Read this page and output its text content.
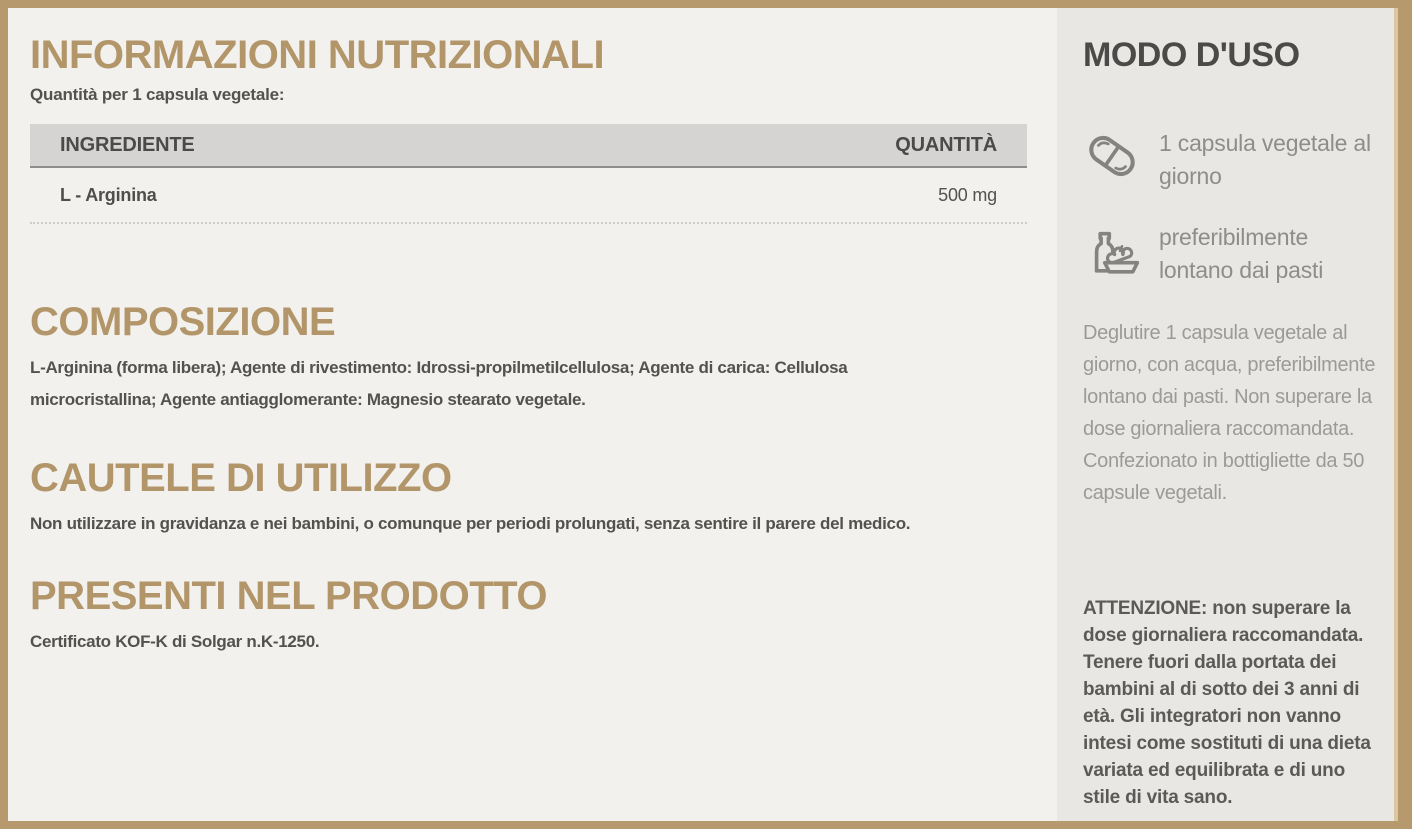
INFORMAZIONI NUTRIZIONALI

Quantità per 1 capsula vegetale:

INGREDIENTE	QUANTITÀ
L - Arginina	500 mg
COMPOSIZIONE

L-Arginina (forma libera); Agente di rivestimento: Idrossi-propilmetilcellulosa; Agente di carica: Cellulosa microcristallina; Agente antiagglomerante: Magnesio stearato vegetale.

CAUTELE DI UTILIZZO

Non utilizzare in gravidanza e nei bambini, o comunque per periodi prolungati, senza sentire il parere del medico.

PRESENTI NEL PRODOTTO

Certificato KOF-K di Solgar n.K-1250.

MODO D'USO
1 capsula vegetale al giorno
preferibilmente lontano dai pasti

Deglutire 1 capsula vegetale al giorno, con acqua, preferibilmente lontano dai pasti. Non superare la dose giornaliera raccomandata. Confezionato in bottigliette da 50 capsule vegetali.

ATTENZIONE: non superare la dose giornaliera raccomandata. Tenere fuori dalla portata dei bambini al di sotto dei 3 anni di età. Gli integratori non vanno intesi come sostituti di una dieta variata ed equilibrata e di uno stile di vita sano.
